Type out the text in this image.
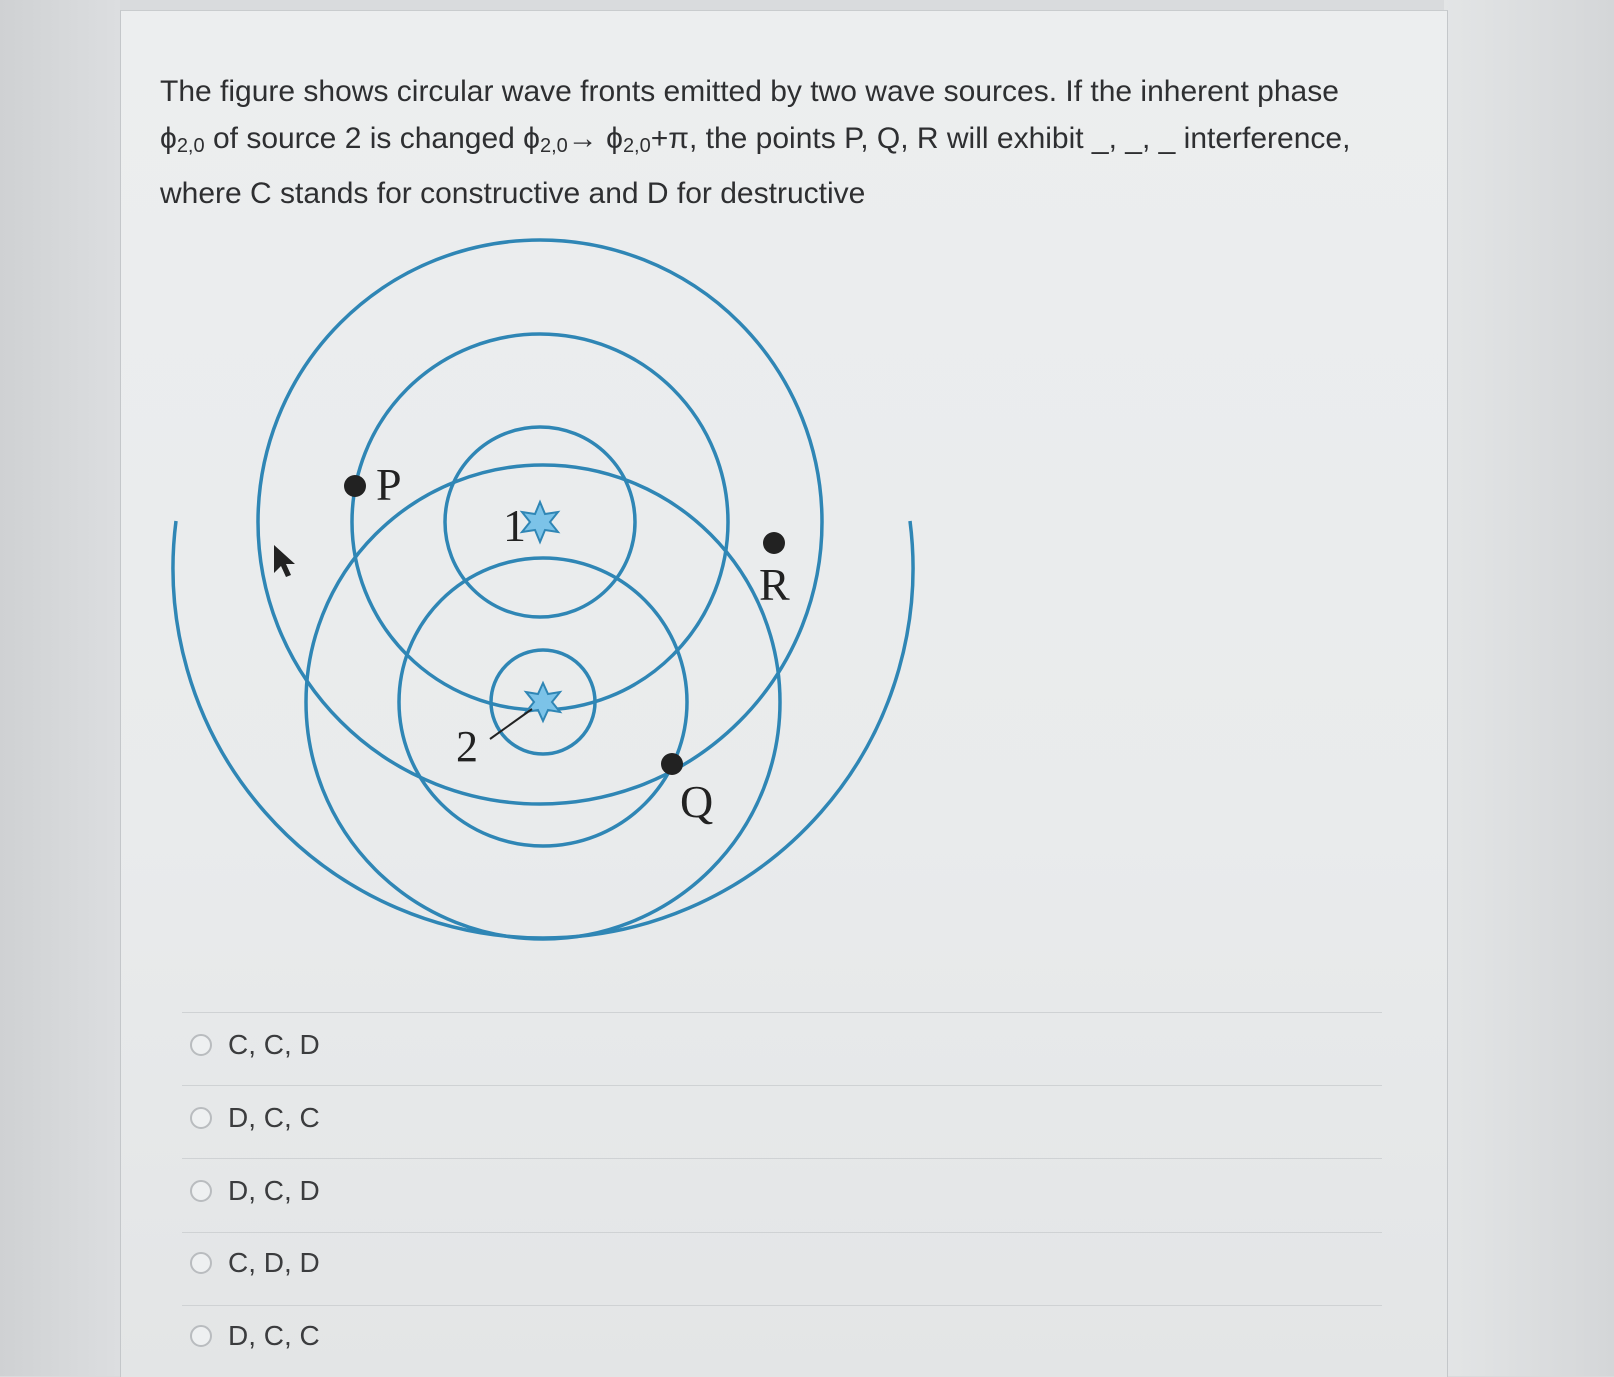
The figure shows circular wave fronts emitted by two wave sources. If the inherent phase
$\phi_{2,0}$ of source 2 is changed $\phi_{2,0}\to \phi_{2,0}+\pi$, the points P, Q, R will exhibit _, _, _ interference,
where C stands for constructive and D for destructive

1
2
P
R
Q
C, C, D
D, C, C
D, C, D
C, D, D
D, C, C
